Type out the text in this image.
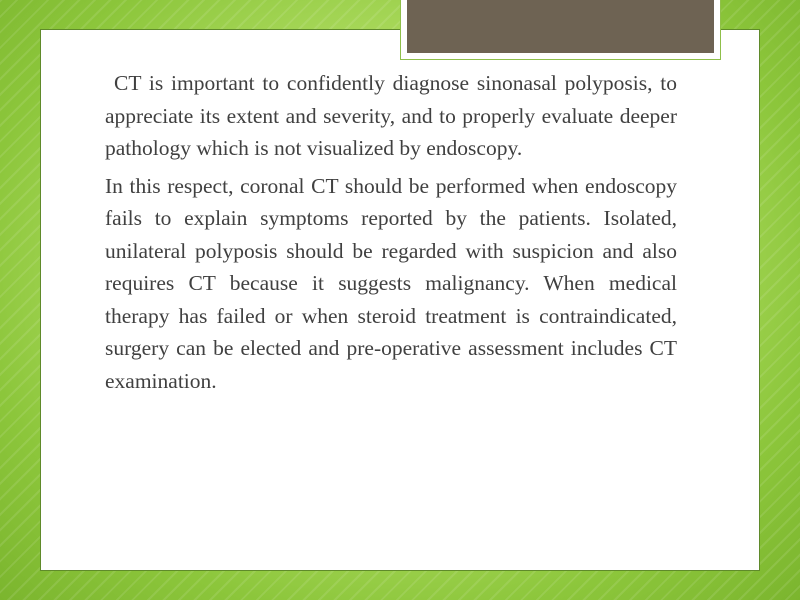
CT is important to confidently diagnose sinonasal polyposis, to appreciate its extent and severity, and to properly evaluate deeper pathology which is not visualized by endoscopy.

In this respect, coronal CT should be performed when endoscopy fails to explain symptoms reported by the patients. Isolated, unilateral polyposis should be regarded with suspicion and also requires CT because it suggests malignancy. When medical therapy has failed or when steroid treatment is contraindicated, surgery can be elected and pre-operative assessment includes CT examination.
